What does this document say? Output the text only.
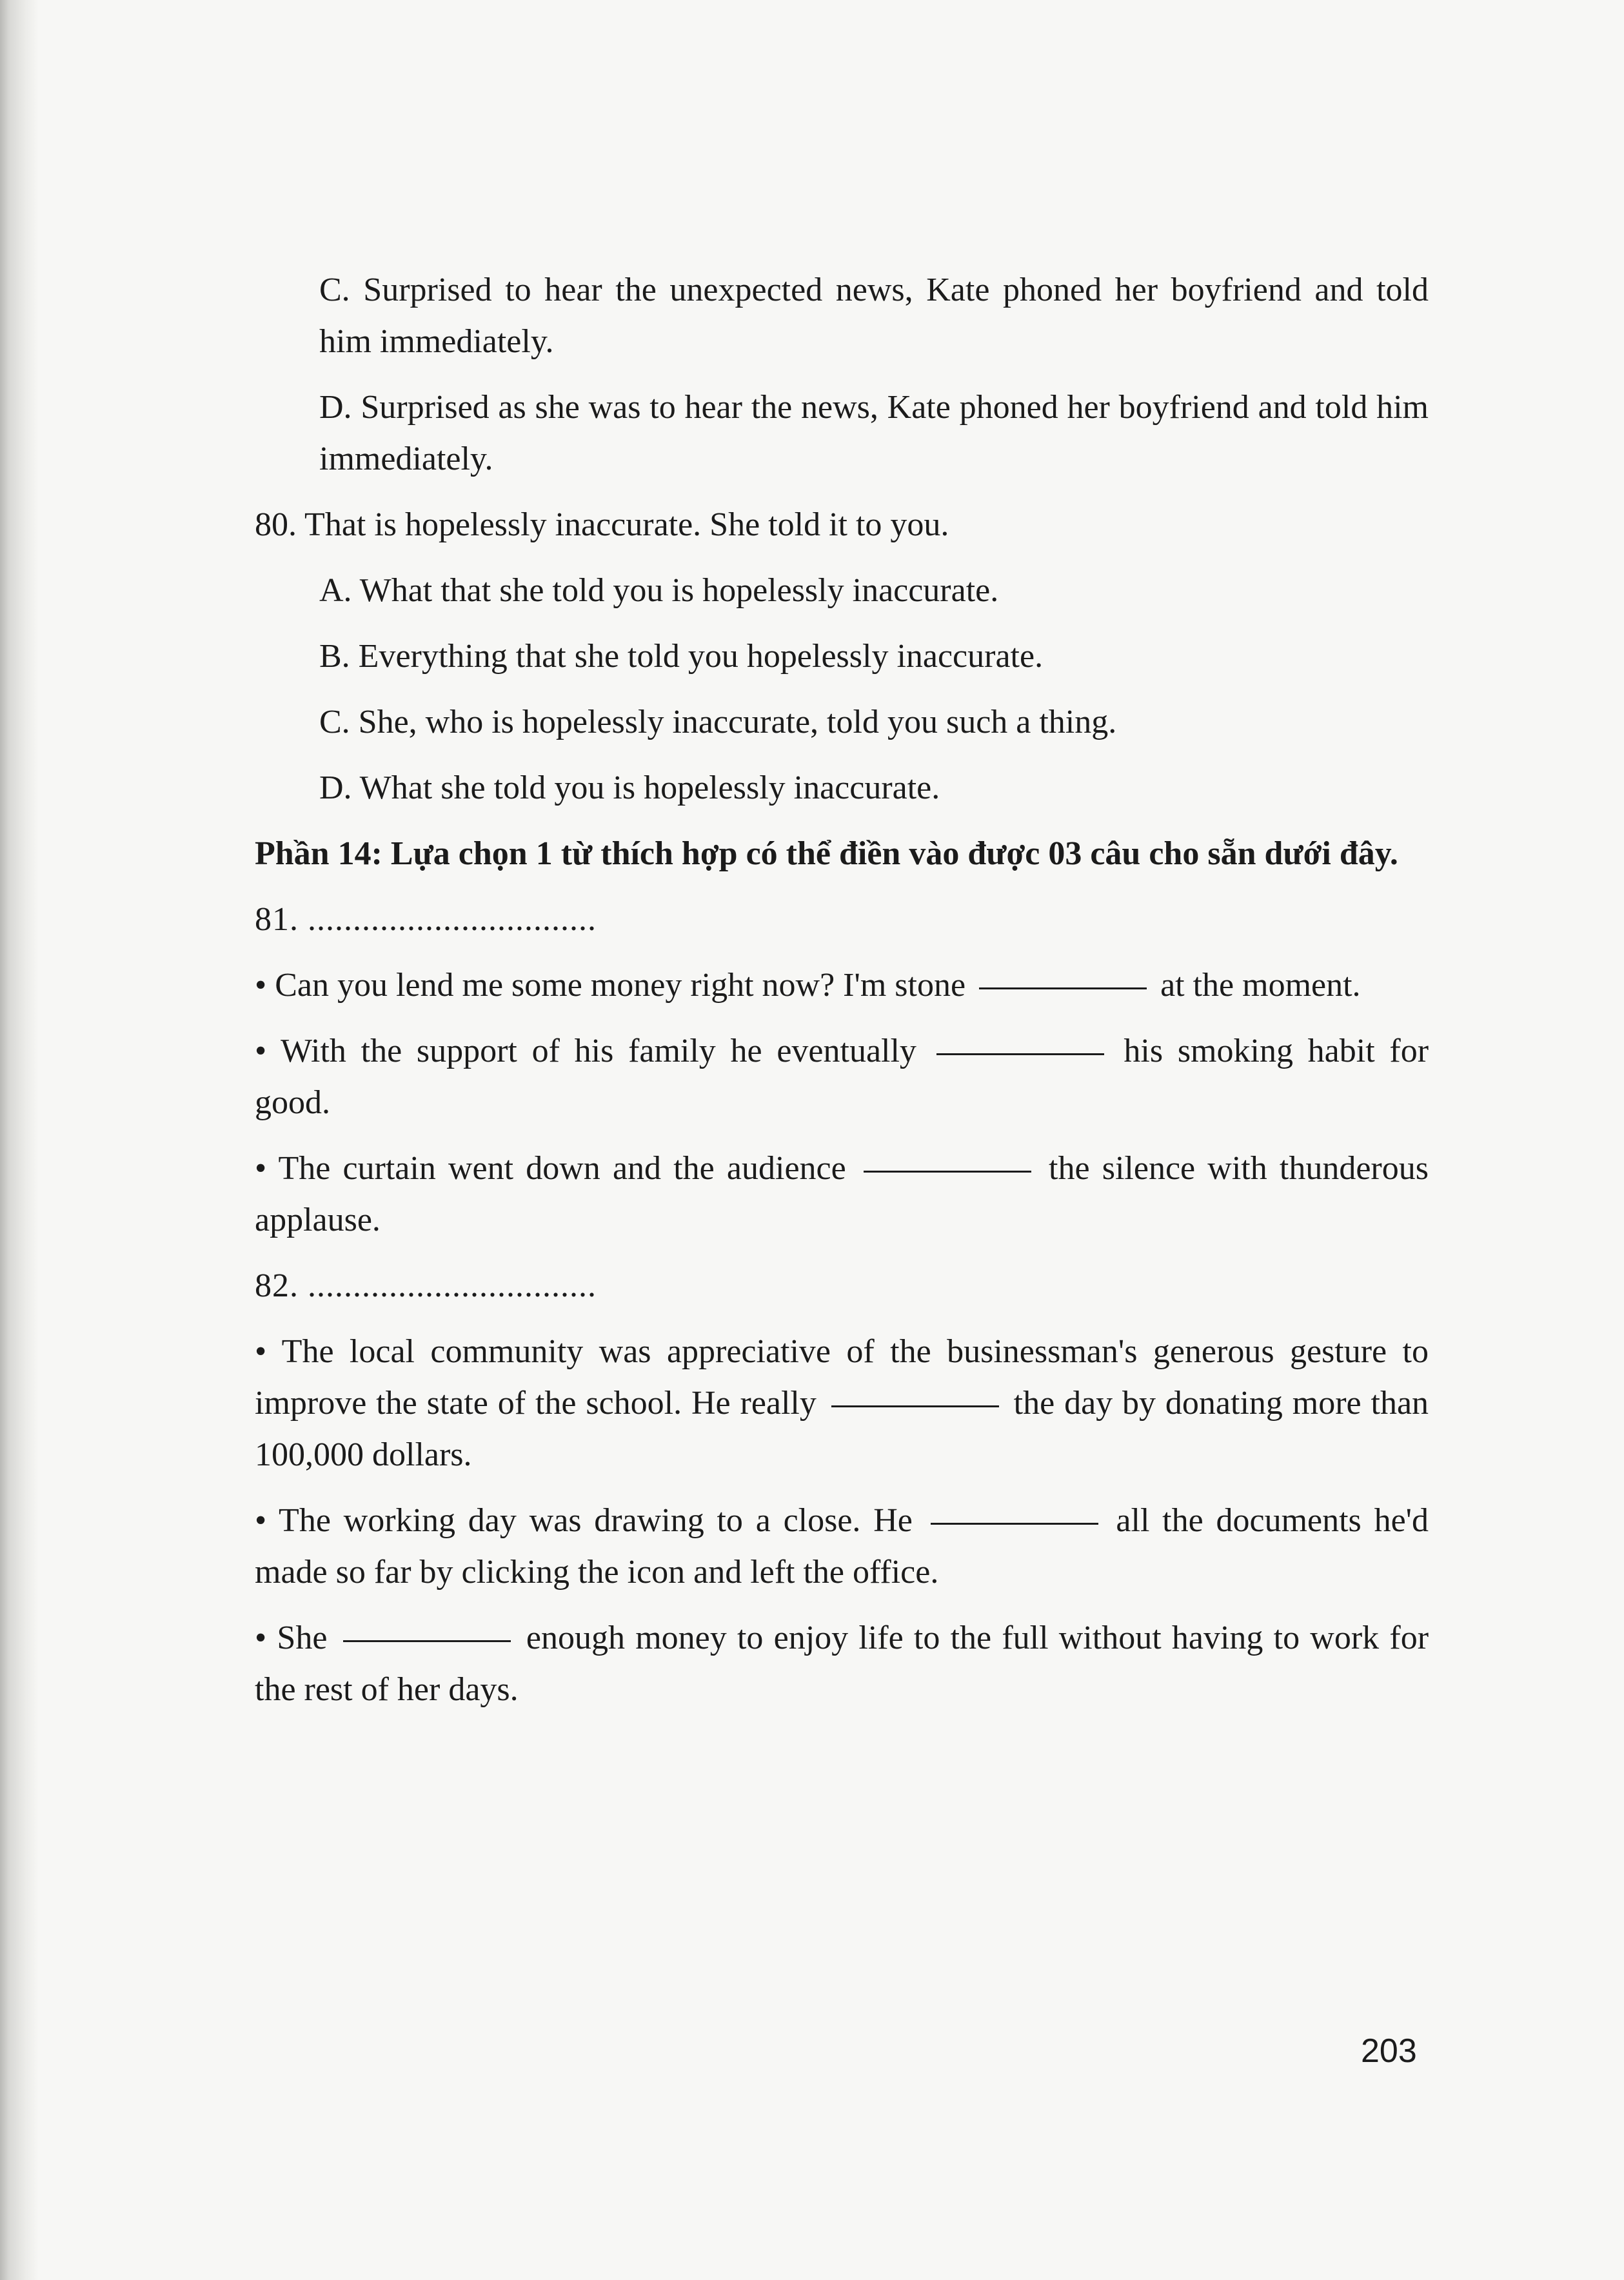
C. Surprised to hear the unexpected news, Kate phoned her boyfriend and told him immediately.

D. Surprised as she was to hear the news, Kate phoned her boyfriend and told him immediately.

80. That is hopelessly inaccurate. She told it to you.

A. What that she told you is hopelessly inaccurate.

B. Everything that she told you hopelessly inaccurate.

C. She, who is hopelessly inaccurate, told you such a thing.

D. What she told you is hopelessly inaccurate.

Phần 14: Lựa chọn 1 từ thích hợp có thể điền vào được 03 câu cho sẵn dưới đây.

81. ................................

• Can you lend me some money right now? I'm stone	at the moment.

• With the support of his family he eventually	his smoking habit for good.

• The curtain went down and the audience	the silence with thunderous applause.

82. ................................

• The local community was appreciative of the businessman's generous gesture to improve the state of the school. He really	the day by donating more than 100,000 dollars.

• The working day was drawing to a close. He	all the documents he'd made so far by clicking the icon and left the office.

• She	enough money to enjoy life to the full without having to work for the rest of her days.

203
